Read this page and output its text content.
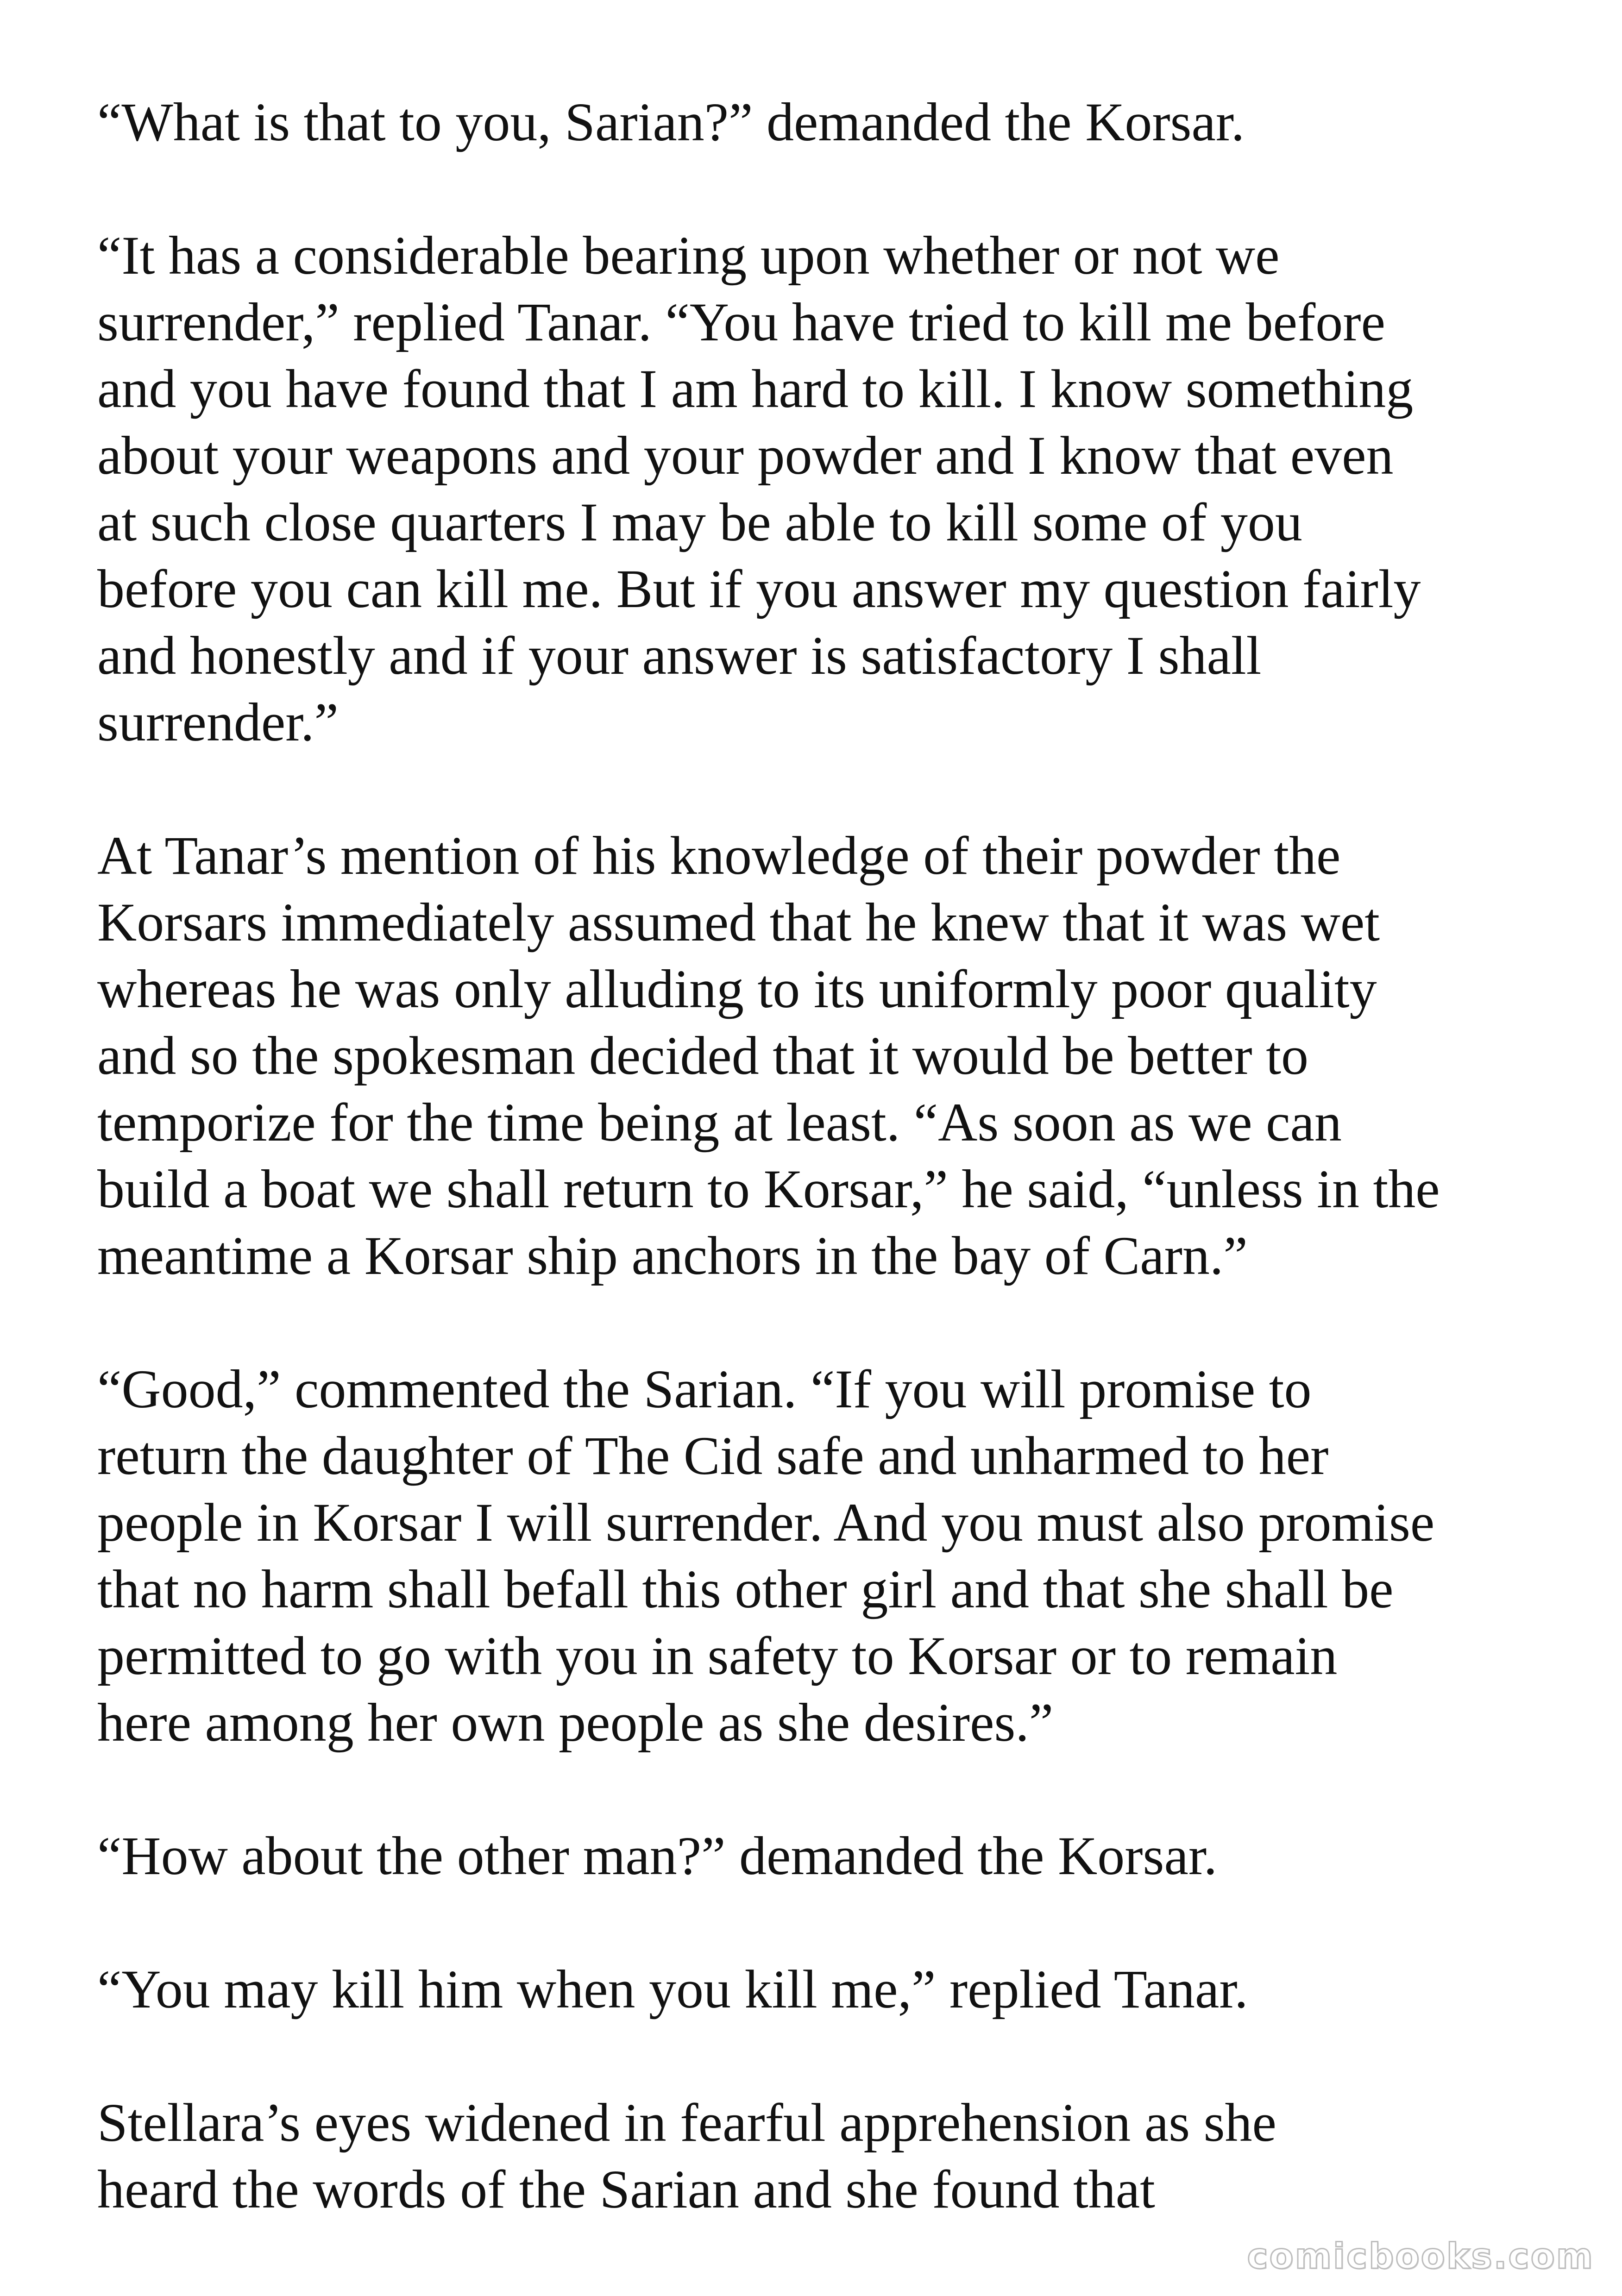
“What is that to you, Sarian?” demanded the Korsar.

“It has a considerable bearing upon whether or not we
surrender,” replied Tanar. “You have tried to kill me before
and you have found that I am hard to kill. I know something
about your weapons and your powder and I know that even
at such close quarters I may be able to kill some of you
before you can kill me. But if you answer my question fairly
and honestly and if your answer is satisfactory I shall
surrender.”

At Tanar’s mention of his knowledge of their powder the
Korsars immediately assumed that he knew that it was wet
whereas he was only alluding to its uniformly poor quality
and so the spokesman decided that it would be better to
temporize for the time being at least. “As soon as we can
build a boat we shall return to Korsar,” he said, “unless in the
meantime a Korsar ship anchors in the bay of Carn.”

“Good,” commented the Sarian. “If you will promise to
return the daughter of The Cid safe and unharmed to her
people in Korsar I will surrender. And you must also promise
that no harm shall befall this other girl and that she shall be
permitted to go with you in safety to Korsar or to remain
here among her own people as she desires.”

“How about the other man?” demanded the Korsar.

“You may kill him when you kill me,” replied Tanar.

Stellara’s eyes widened in fearful apprehension as she
heard the words of the Sarian and she found that

comicbooks.com
